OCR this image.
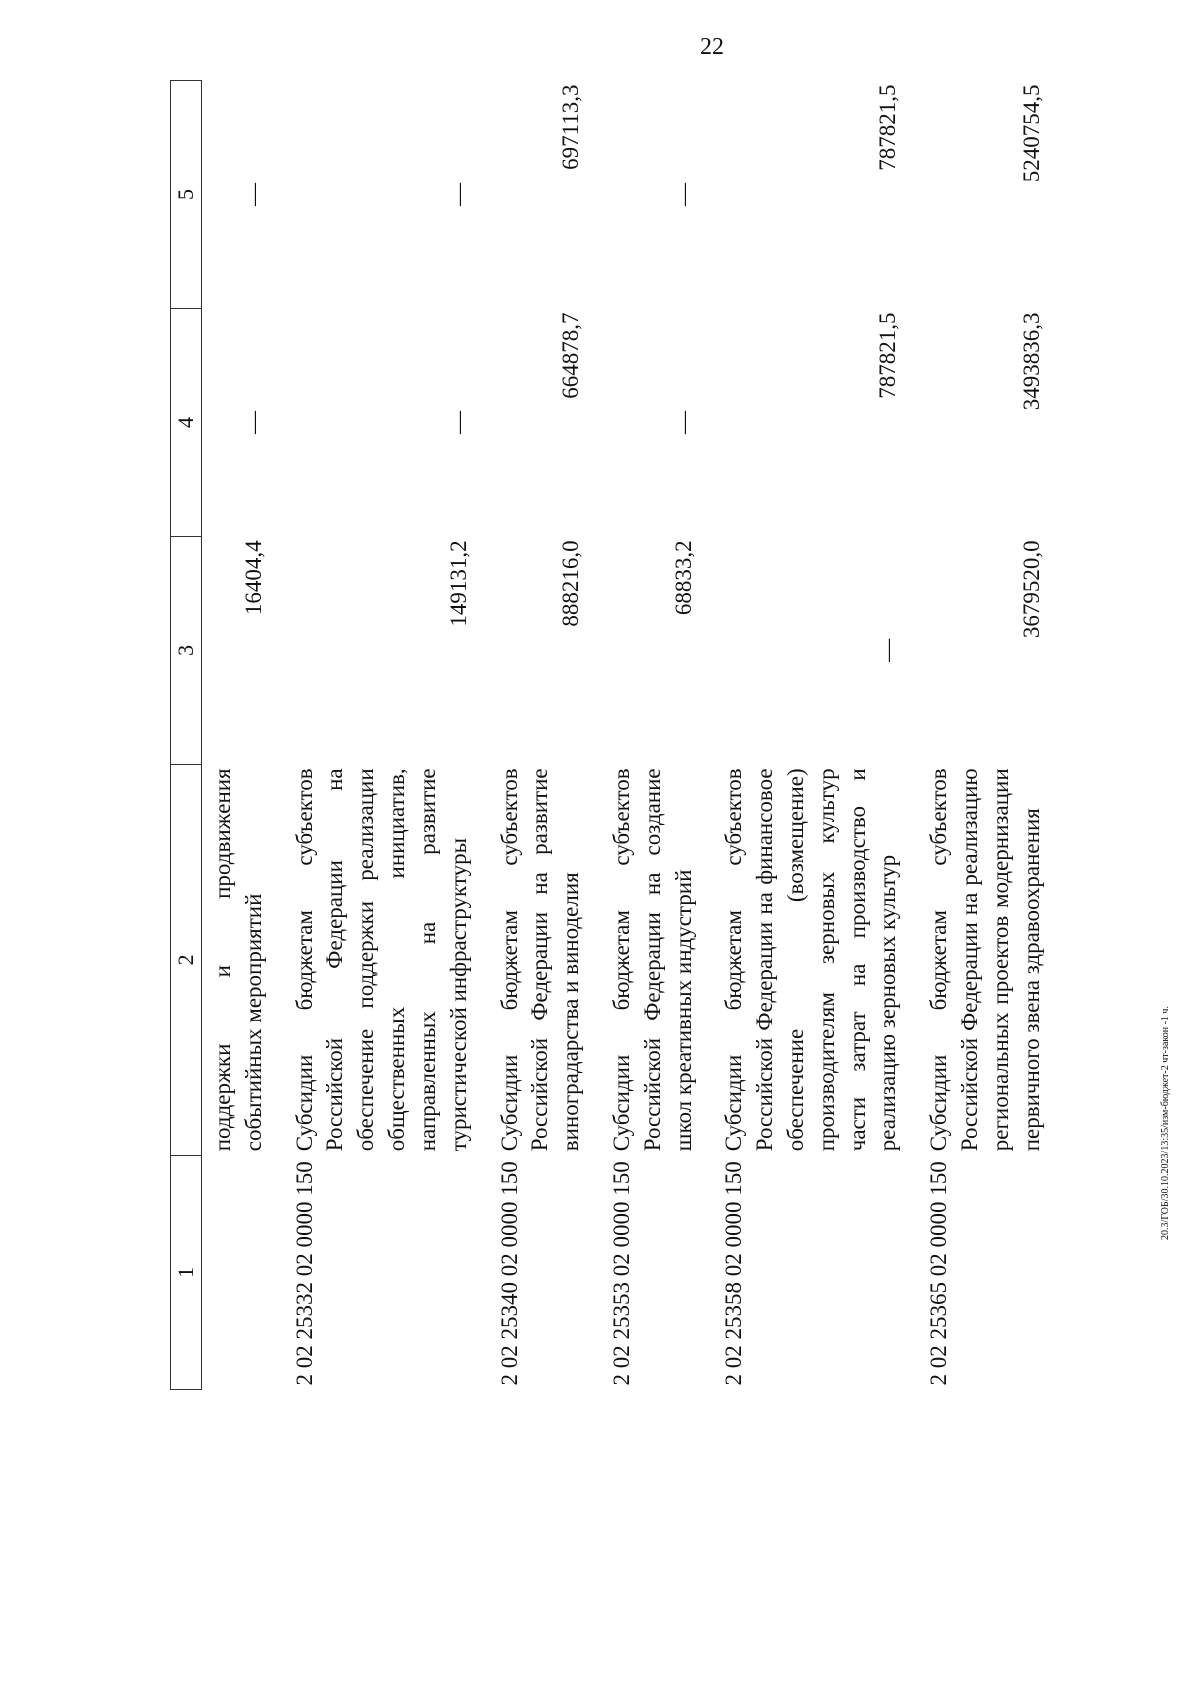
22
20.3/ГОБ/30.10.2023/13:35/изм-бюджет-2 чт-закон -1 ч.
1	2	3	4	5
	поддержки и продвижения событийных мероприятий	16404,4	—	—
2 02 25332 02 0000 150	Субсидии бюджетам субъектов Российской Федерации на обеспечение поддержки реализации общественных инициатив, направленных на развитие туристической инфраструктуры	149131,2	—	—
2 02 25340 02 0000 150	Субсидии бюджетам субъектов Российской Федерации на развитие виноградарства и виноделия	888216,0	664878,7	697113,3
2 02 25353 02 0000 150	Субсидии бюджетам субъектов Российской Федерации на создание школ креативных индустрий	68833,2	—	—
2 02 25358 02 0000 150	Субсидии бюджетам субъектов Российской Федерации на финансовое обеспечение (возмещение) производителям зерновых культур части затрат на производство и реализацию зерновых культур	—	787821,5	787821,5
2 02 25365 02 0000 150	Субсидии бюджетам субъектов Российской Федерации на реализацию региональных проектов модернизации первичного звена здравоохранения	3679520,0	3493836,3	5240754,5
